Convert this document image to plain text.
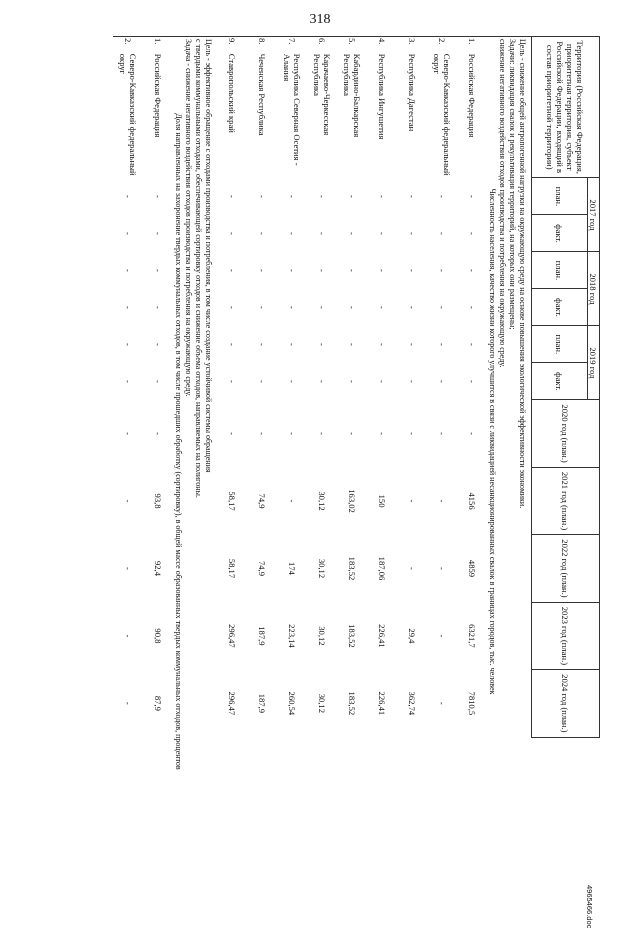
318
Территория (Российская Федерация, приоритетная территория, субъект Российской Федерации, входящий в состав приоритетной территории)		2017 год		2018 год		2019 год		2020 год (план.)	2021 год (план.)	2022 год (план.)	2023 год (план.)	2024 год (план.)	
		план.	факт.	план.	факт.	план.	факт.						

Цель - снижение общей антропогенной нагрузки на окружающую среду на основе повышения экологической эффективности экономики.													
Задачи: ликвидация свалок и рекультивация территорий, на которых они размещены;													
снижение негативного воздействия отходов производства и потребления на окружающую среду.													
Численность населения, качество жизни которого улучшится в связи с ликвидацией несанкционированных свалок в границах городов, тыс. человек													
1.	Российская Федерация	-	-	-	-	-	-	-	4156	4859	6321,7	7810,5	
2.	Северо-Кавказский федеральный округ	-	-	-	-	-	-	-	-	-	-	-	
3.	Республика Дагестан	-	-	-	-	-	-	-	-	-	29,4	362,74	
4.	Республика Ингушетия	-	-	-	-	-	-	-	150	187,06	226,41	226,41	
5.	Кабардино-Балкарская Республика	-	-	-	-	-	-	-	163,02	183,52	183,52	183,52	
6.	Карачаево-Черкесская Республика	-	-	-	-	-	-	-	30,12	30,12	30,12	30,12	
7.	Республика Северная Осетия - Алания	-	-	-	-	-	-	-	-	174	223,14	260,54	
8.	Чеченская Республика	-	-	-	-	-	-	-	74,9	74,9	187,9	187,9	
9.	Ставропольский край	-	-	-	-	-	-	-	58,17	58,17	296,47	296,47	

Цель - эффективное обращение с отходами производства и потребления, в том числе создание устойчивой системы обращения													
с твердыми коммунальными отходами, обеспечивающей сортировку отходов и снижение объема отходов, направляемых на полигоны.													
Задача - снижение негативного воздействия отходов производства и потребления на окружающую среду.													
Доля направленных на захоронение твердых коммунальных отходов, в том числе прошедших обработку (сортировку), в общей массе образованных твердых коммунальных отходов, процентов													
1.	Российская Федерация	-	-	-	-	-	-	-	93,8	92,4	90,8	87,9	
2.	Северо-Кавказский федеральный округ	-	-	-	-	-	-	-	-	-	-	-	
4965466.doc
